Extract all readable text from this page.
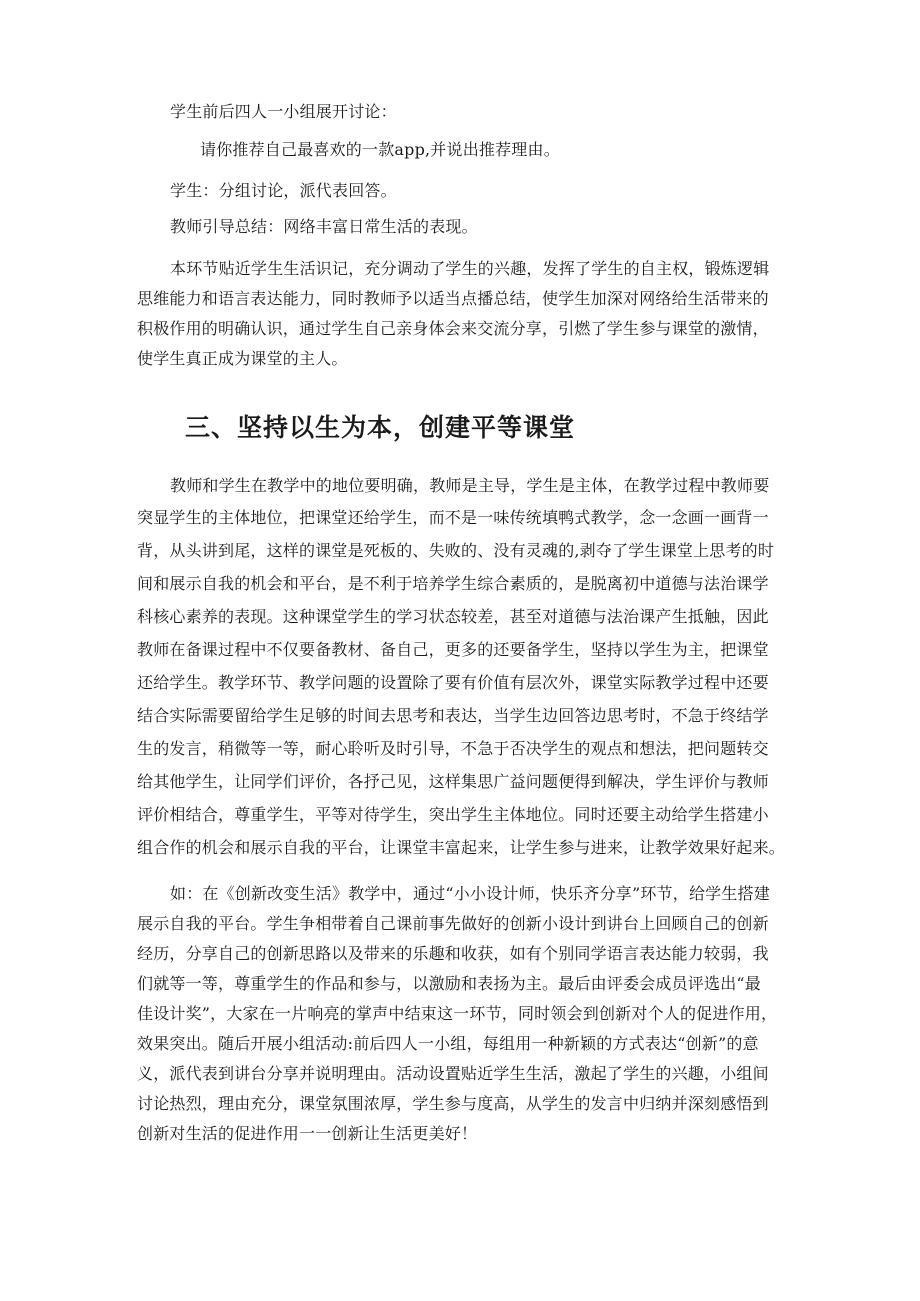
学生前后四人一小组展开讨论：
请你推荐自己最喜欢的一款app,并说出推荐理由。
学生：分组讨论，派代表回答。
教师引导总结：网络丰富日常生活的表现。
本环节贴近学生生活识记，充分调动了学生的兴趣，发挥了学生的自主权，锻炼逻辑
思维能力和语言表达能力，同时教师予以适当点播总结，使学生加深对网络给生活带来的
积极作用的明确认识，通过学生自己亲身体会来交流分享，引燃了学生参与课堂的激情，
使学生真正成为课堂的主人。
三、坚持以生为本，创建平等课堂
教师和学生在教学中的地位要明确，教师是主导，学生是主体，在教学过程中教师要
突显学生的主体地位，把课堂还给学生，而不是一味传统填鸭式教学，念一念画一画背一
背，从头讲到尾，这样的课堂是死板的、失败的、没有灵魂的,剥夺了学生课堂上思考的时
间和展示自我的机会和平台，是不利于培养学生综合素质的，是脱离初中道德与法治课学
科核心素养的表现。这种课堂学生的学习状态较差，甚至对道德与法治课产生抵触，因此
教师在备课过程中不仅要备教材、备自己，更多的还要备学生，坚持以学生为主，把课堂
还给学生。教学环节、教学问题的设置除了要有价值有层次外，课堂实际教学过程中还要
结合实际需要留给学生足够的时间去思考和表达，当学生边回答边思考时，不急于终结学
生的发言，稍微等一等，耐心聆听及时引导，不急于否决学生的观点和想法，把问题转交
给其他学生，让同学们评价，各抒己见，这样集思广益问题便得到解决，学生评价与教师
评价相结合，尊重学生，平等对待学生，突出学生主体地位。同时还要主动给学生搭建小
组合作的机会和展示自我的平台，让课堂丰富起来，让学生参与进来，让教学效果好起来。
如：在《创新改变生活》教学中，通过“小小设计师，快乐齐分享”环节，给学生搭建
展示自我的平台。学生争相带着自己课前事先做好的创新小设计到讲台上回顾自己的创新
经历，分享自己的创新思路以及带来的乐趣和收获，如有个别同学语言表达能力较弱，我
们就等一等，尊重学生的作品和参与，以激励和表扬为主。最后由评委会成员评选出“最
佳设计奖”，大家在一片响亮的掌声中结束这一环节，同时领会到创新对个人的促进作用，
效果突出。随后开展小组活动:前后四人一小组，每组用一种新颖的方式表达“创新”的意
义，派代表到讲台分享并说明理由。活动设置贴近学生生活，激起了学生的兴趣，小组间
讨论热烈，理由充分，课堂氛围浓厚，学生参与度高，从学生的发言中归纳并深刻感悟到
创新对生活的促进作用一一创新让生活更美好！
